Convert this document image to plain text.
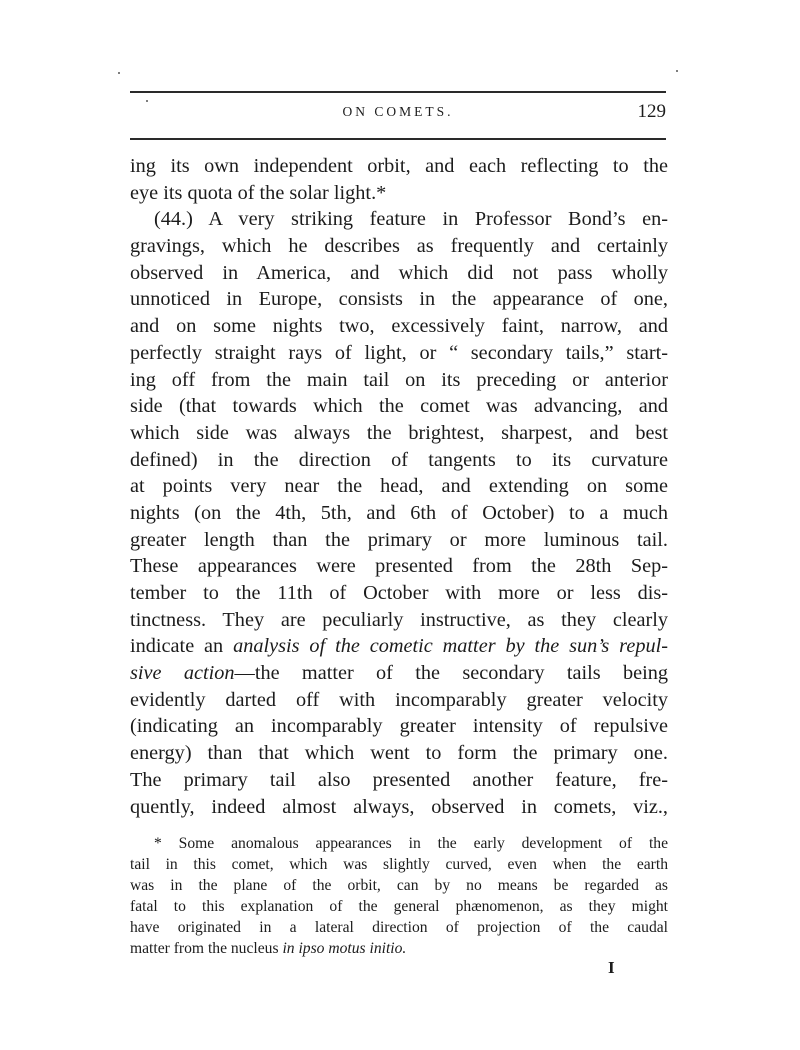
ON COMETS.	129
ing its own independent orbit, and each reflecting to the
eye its quota of the solar light.*
(44.) A very striking feature in Professor Bond’s en-
gravings, which he describes as frequently and certainly
observed in America, and which did not pass wholly
unnoticed in Europe, consists in the appearance of one,
and on some nights two, excessively faint, narrow, and
perfectly straight rays of light, or “ secondary tails,” start-
ing off from the main tail on its preceding or anterior
side (that towards which the comet was advancing, and
which side was always the brightest, sharpest, and best
defined) in the direction of tangents to its curvature
at points very near the head, and extending on some
nights (on the 4th, 5th, and 6th of October) to a much
greater length than the primary or more luminous tail.
These appearances were presented from the 28th Sep-
tember to the 11th of October with more or less dis-
tinctness. They are peculiarly instructive, as they clearly
indicate an analysis of the cometic matter by the sun’s repul-
sive action—the matter of the secondary tails being
evidently darted off with incomparably greater velocity
(indicating an incomparably greater intensity of repulsive
energy) than that which went to form the primary one.
The primary tail also presented another feature, fre-
quently, indeed almost always, observed in comets, viz.,
* Some anomalous appearances in the early development of the
tail in this comet, which was slightly curved, even when the earth
was in the plane of the orbit, can by no means be regarded as
fatal to this explanation of the general phænomenon, as they might
have originated in a lateral direction of projection of the caudal
matter from the nucleus in ipso motus initio.
I
